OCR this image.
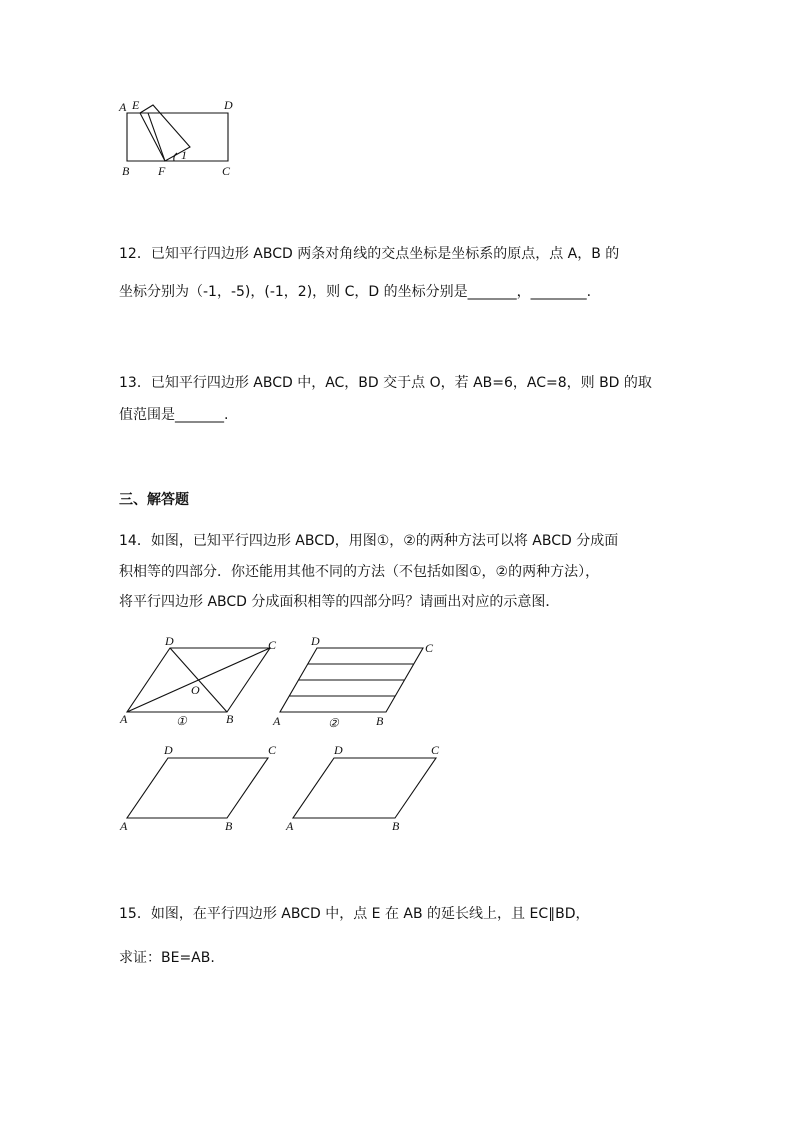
A E	D
B F	C
1
12．已知平行四边形 ABCD 两条对角线的交点坐标是坐标系的原点，点 A，B 的
坐标分别为（-1，-5)，(-1，2)，则 C，D 的坐标分别是_______，________.
13．已知平行四边形 ABCD 中，AC，BD 交于点 O，若 AB=6，AC=8，则 BD 的取
值范围是_______.
三、解答题
14．如图，已知平行四边形 ABCD，用图①，②的两种方法可以将 ABCD 分成面
积相等的四部分．你还能用其他不同的方法（不包括如图①，②的两种方法），
将平行四边形 ABCD 分成面积相等的四部分吗？请画出对应的示意图．
D	C
O
A	B
①
D	C
A	B
②
D	C
A	B
D	C
A	B
15．如图，在平行四边形 ABCD 中，点 E 在 AB 的延长线上，且 EC∥BD，
求证：BE=AB.
